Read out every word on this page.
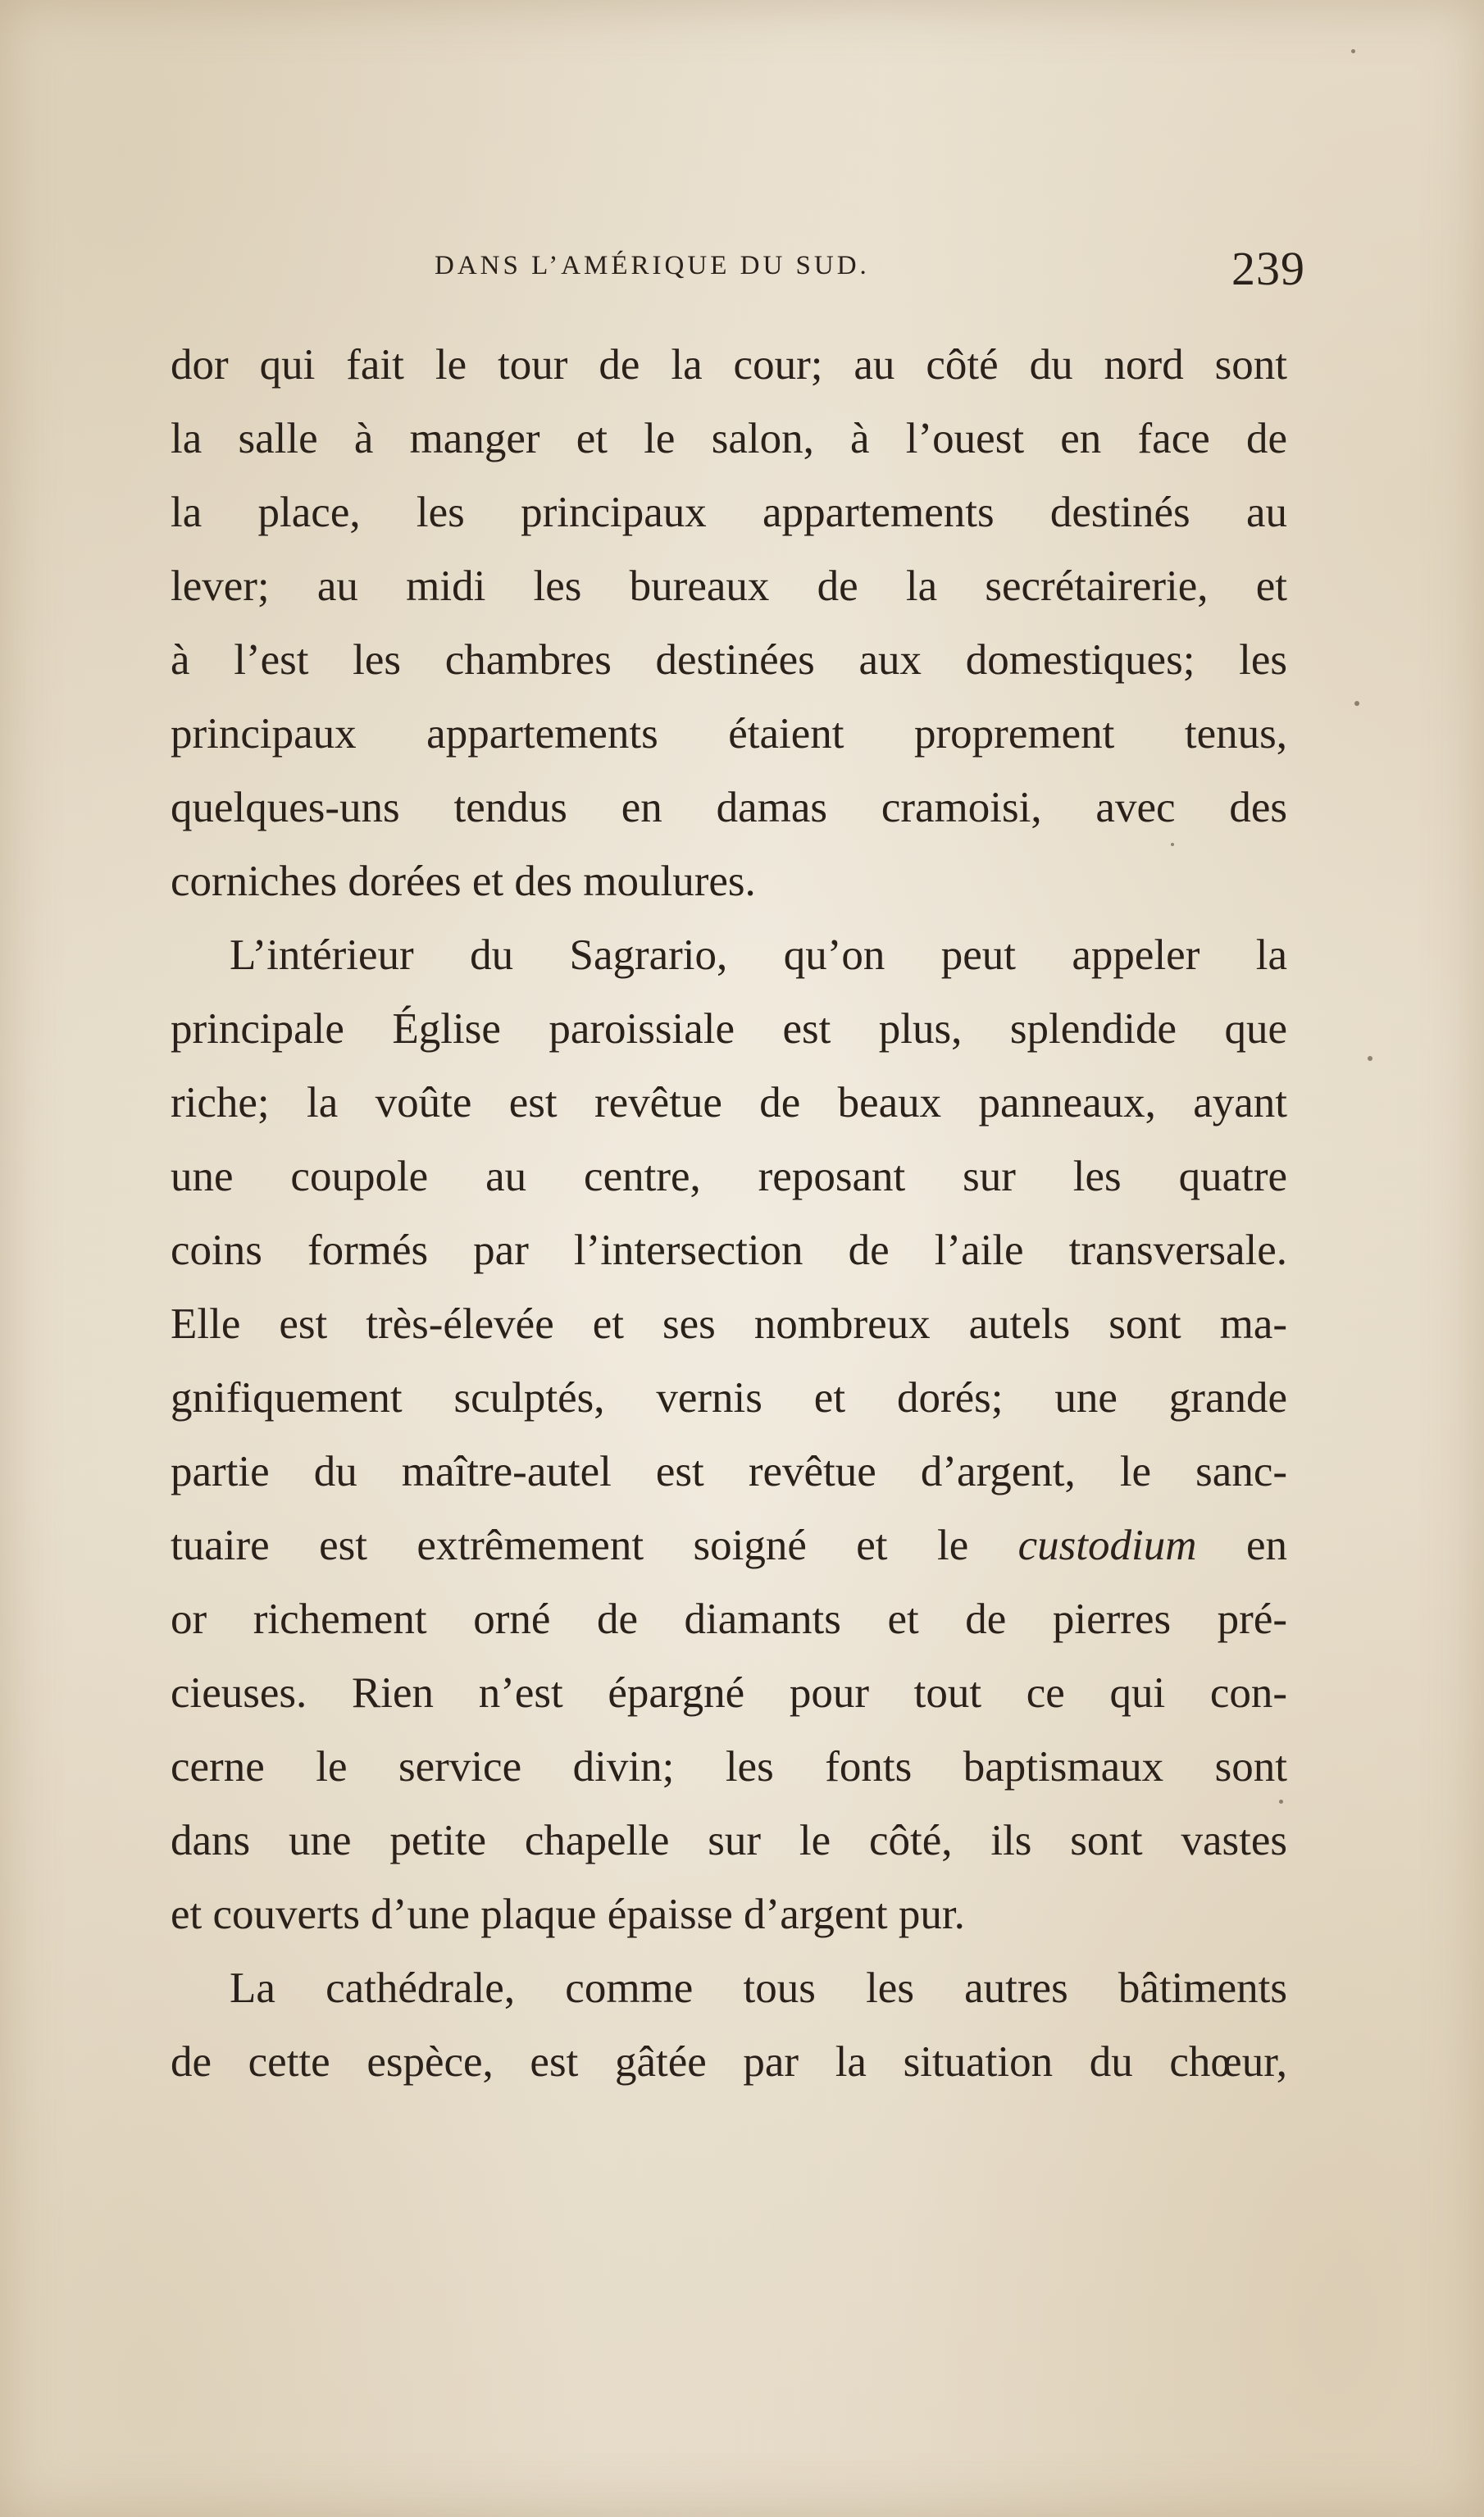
DANS L’AMÉRIQUE DU SUD.	239
dor qui fait le tour de la cour; au côté du nord sont
la salle à manger et le salon, à l’ouest en face de
la place, les principaux appartements destinés au
lever; au midi les bureaux de la secrétairerie, et
à l’est les chambres destinées aux domestiques; les
principaux appartements étaient proprement tenus,
quelques-uns tendus en damas cramoisi, avec des
corniches dorées et des moulures.
L’intérieur du Sagrario, qu’on peut appeler la
principale Église paroissiale est plus, splendide que
riche; la voûte est revêtue de beaux panneaux, ayant
une coupole au centre, reposant sur les quatre
coins formés par l’intersection de l’aile transversale.
Elle est très-élevée et ses nombreux autels sont ma-
gnifiquement sculptés, vernis et dorés; une grande
partie du maître-autel est revêtue d’argent, le sanc-
tuaire est extrêmement soigné et le custodium en
or richement orné de diamants et de pierres pré-
cieuses. Rien n’est épargné pour tout ce qui con-
cerne le service divin; les fonts baptismaux sont
dans une petite chapelle sur le côté, ils sont vastes
et couverts d’une plaque épaisse d’argent pur.
La cathédrale, comme tous les autres bâtiments
de cette espèce, est gâtée par la situation du chœur,
